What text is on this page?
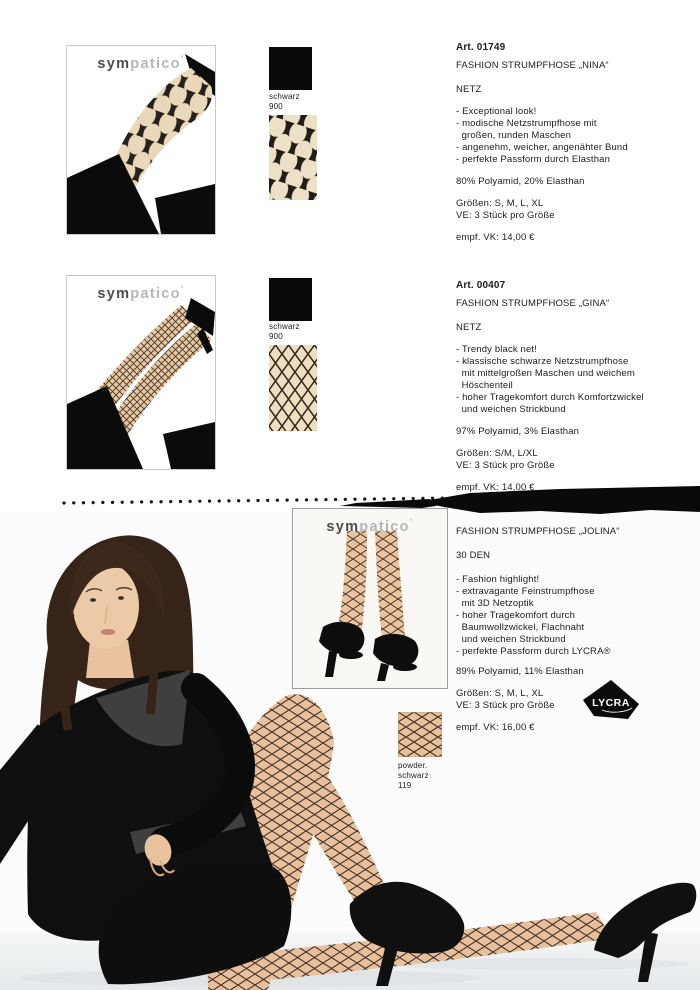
sympatico’
schwarz
900
Art. 01749
FASHION STRUMPFHOSE „NINA“
NETZ
- Exceptional look!
- modische Netzstrumpfhose mit
großen, runden Maschen
- angenehm, weicher, angenähter Bund
- perfekte Passform durch Elasthan
80% Polyamid, 20% Elasthan
Größen: S, M, L, XL
VE: 3 Stück pro Größe
empf. VK: 14,00 €
sympatico’
schwarz
900
Art. 00407
FASHION STRUMPFHOSE „GINA“
NETZ
- Trendy black net!
- klassische schwarze Netzstrumpfhose
mit mittelgroßen Maschen und weichem
Höschenteil
- hoher Tragekomfort durch Komfortzwickel
und weichen Strickbund
97% Polyamid, 3% Elasthan
Größen: S/M, L/XL
VE: 3 Stück pro Größe
empf. VK: 14,00 €
sympatico’
powder.
schwarz
119
FASHION STRUMPFHOSE „JOLINA“
30 DEN
- Fashion highlight!
- extravagante Feinstrumpfhose
mit 3D Netzoptik
- hoher Tragekomfort durch
Baumwollzwickel, Flachnaht
und weichen Strickbund
- perfekte Passform durch LYCRA®
89% Polyamid, 11% Elasthan
Größen: S, M, L, XL
VE: 3 Stück pro Größe
empf. VK: 16,00 €
LYCRA
